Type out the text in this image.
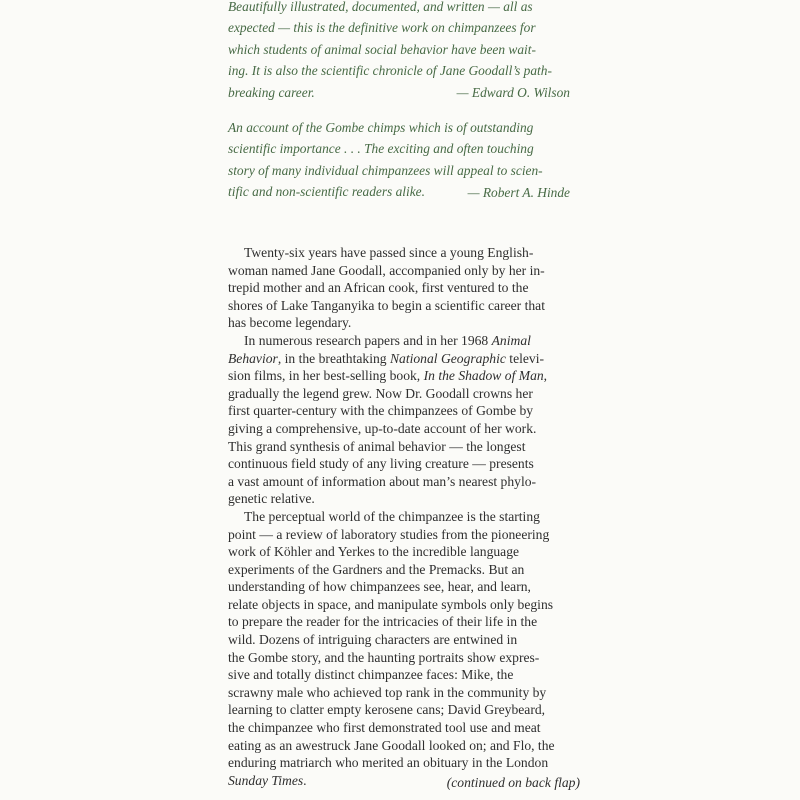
Beautifully illustrated, documented, and written — all as
expected — this is the definitive work on chimpanzees for
which students of animal social behavior have been wait-
ing. It is also the scientific chronicle of Jane Goodall’s path-
breaking career.	— Edward O. Wilson
An account of the Gombe chimps which is of outstanding
scientific importance . . . The exciting and often touching
story of many individual chimpanzees will appeal to scien-
tific and non-scientific readers alike.	— Robert A. Hinde
Twenty-six years have passed since a young English-
woman named Jane Goodall, accompanied only by her in-
trepid mother and an African cook, first ventured to the
shores of Lake Tanganyika to begin a scientific career that
has become legendary.
In numerous research papers and in her 1968 Animal
Behavior, in the breathtaking National Geographic televi-
sion films, in her best-selling book, In the Shadow of Man,
gradually the legend grew. Now Dr. Goodall crowns her
first quarter-century with the chimpanzees of Gombe by
giving a comprehensive, up-to-date account of her work.
This grand synthesis of animal behavior — the longest
continuous field study of any living creature — presents
a vast amount of information about man’s nearest phylo-
genetic relative.
The perceptual world of the chimpanzee is the starting
point — a review of laboratory studies from the pioneering
work of Köhler and Yerkes to the incredible language
experiments of the Gardners and the Premacks. But an
understanding of how chimpanzees see, hear, and learn,
relate objects in space, and manipulate symbols only begins
to prepare the reader for the intricacies of their life in the
wild. Dozens of intriguing characters are entwined in
the Gombe story, and the haunting portraits show expres-
sive and totally distinct chimpanzee faces: Mike, the
scrawny male who achieved top rank in the community by
learning to clatter empty kerosene cans; David Greybeard,
the chimpanzee who first demonstrated tool use and meat
eating as an awestruck Jane Goodall looked on; and Flo, the
enduring matriarch who merited an obituary in the London
Sunday Times.	(continued on back flap)
